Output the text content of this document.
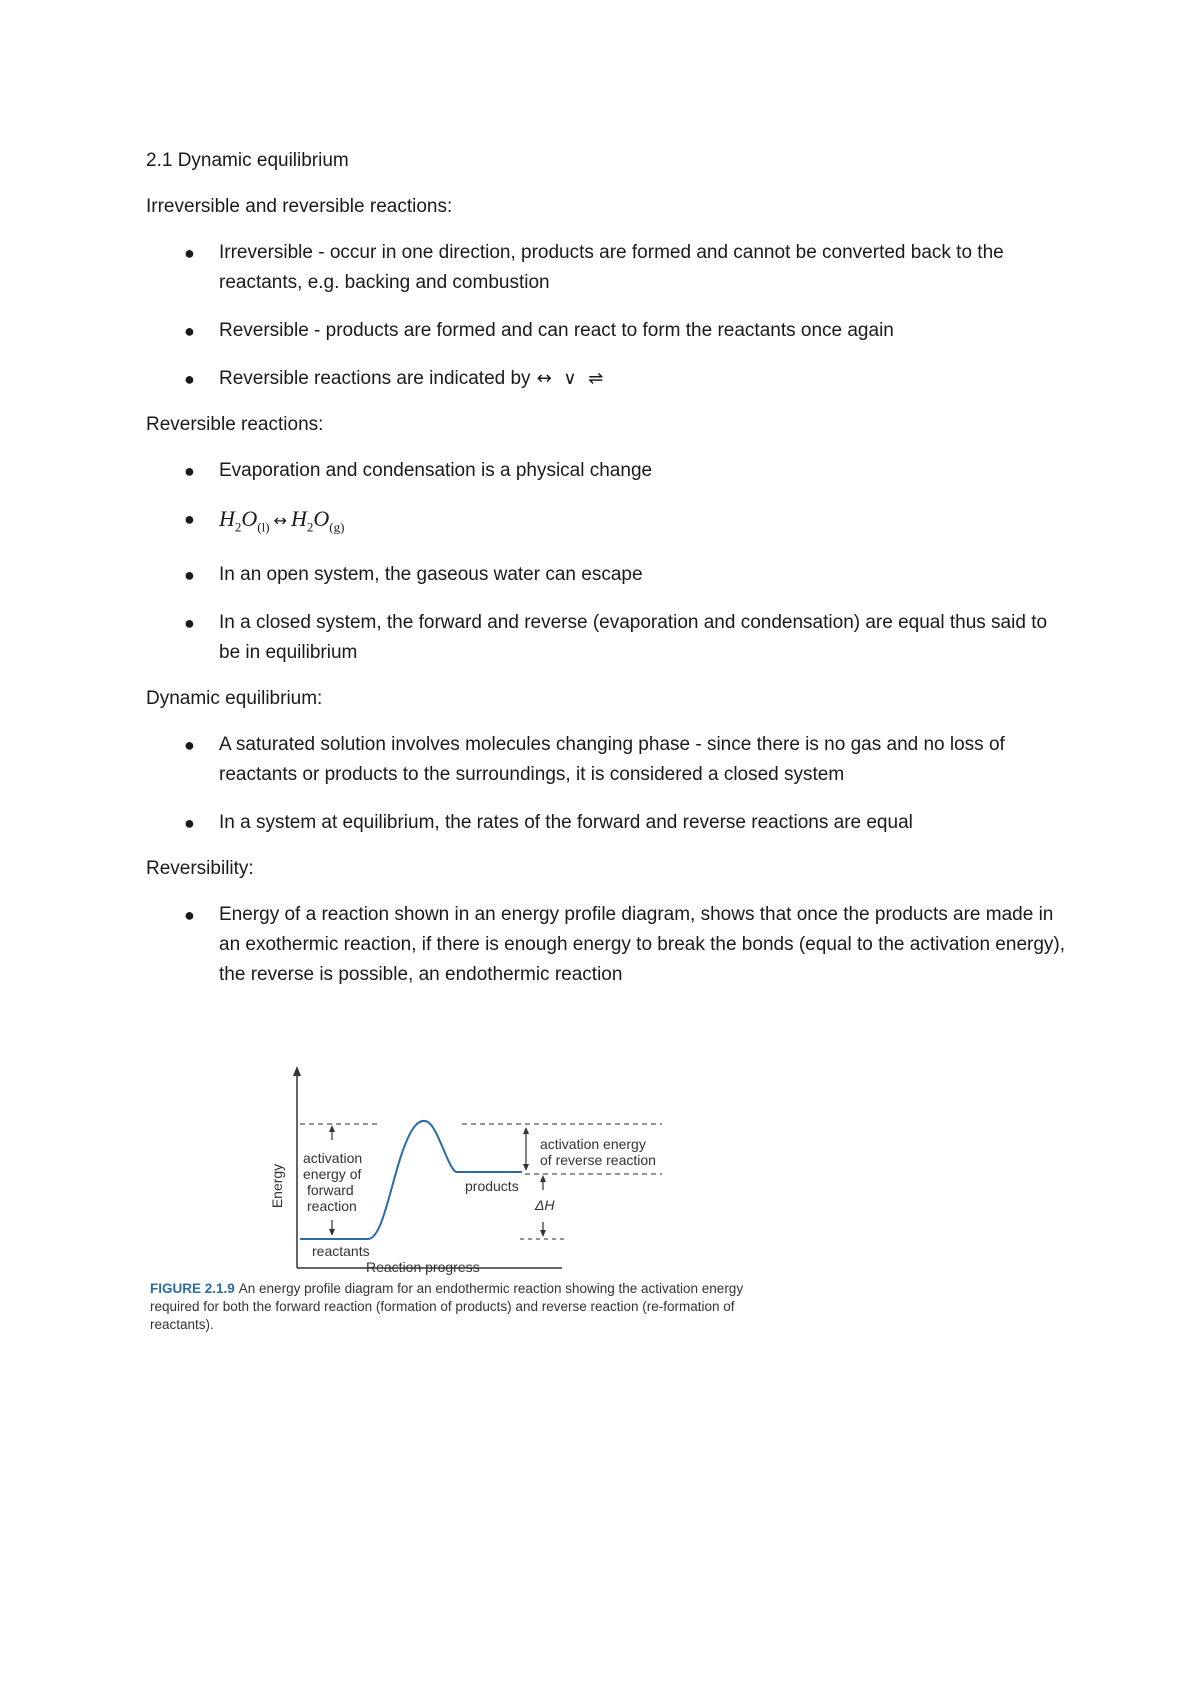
2.1 Dynamic equilibrium

Irreversible and reversible reactions:

● Irreversible - occur in one direction, products are formed and cannot be converted back to the reactants, e.g. backing and combustion
● Reversible - products are formed and can react to form the reactants once again
● Reversible reactions are indicated by ↔ ∨ ⇌

Reversible reactions:

● Evaporation and condensation is a physical change
● $H_2O_{(l)}$ ↔ $H_2O_{(g)}$
● In an open system, the gaseous water can escape
● In a closed system, the forward and reverse (evaporation and condensation) are equal thus said to be in equilibrium

Dynamic equilibrium:

● A saturated solution involves molecules changing phase - since there is no gas and no loss of reactants or products to the surroundings, it is considered a closed system
● In a system at equilibrium, the rates of the forward and reverse reactions are equal

Reversibility:

● Energy of a reaction shown in an energy profile diagram, shows that once the products are made in an exothermic reaction, if there is enough energy to break the bonds (equal to the activation energy), the reverse is possible, an endothermic reaction
Energy
activation
energy of
forward
reaction
activation energy
of reverse reaction
products
reactants
ΔH
Reaction progress
FIGURE 2.1.9 An energy profile diagram for an endothermic reaction showing the activation energy required for both the forward reaction (formation of products) and reverse reaction (re-formation of reactants).
